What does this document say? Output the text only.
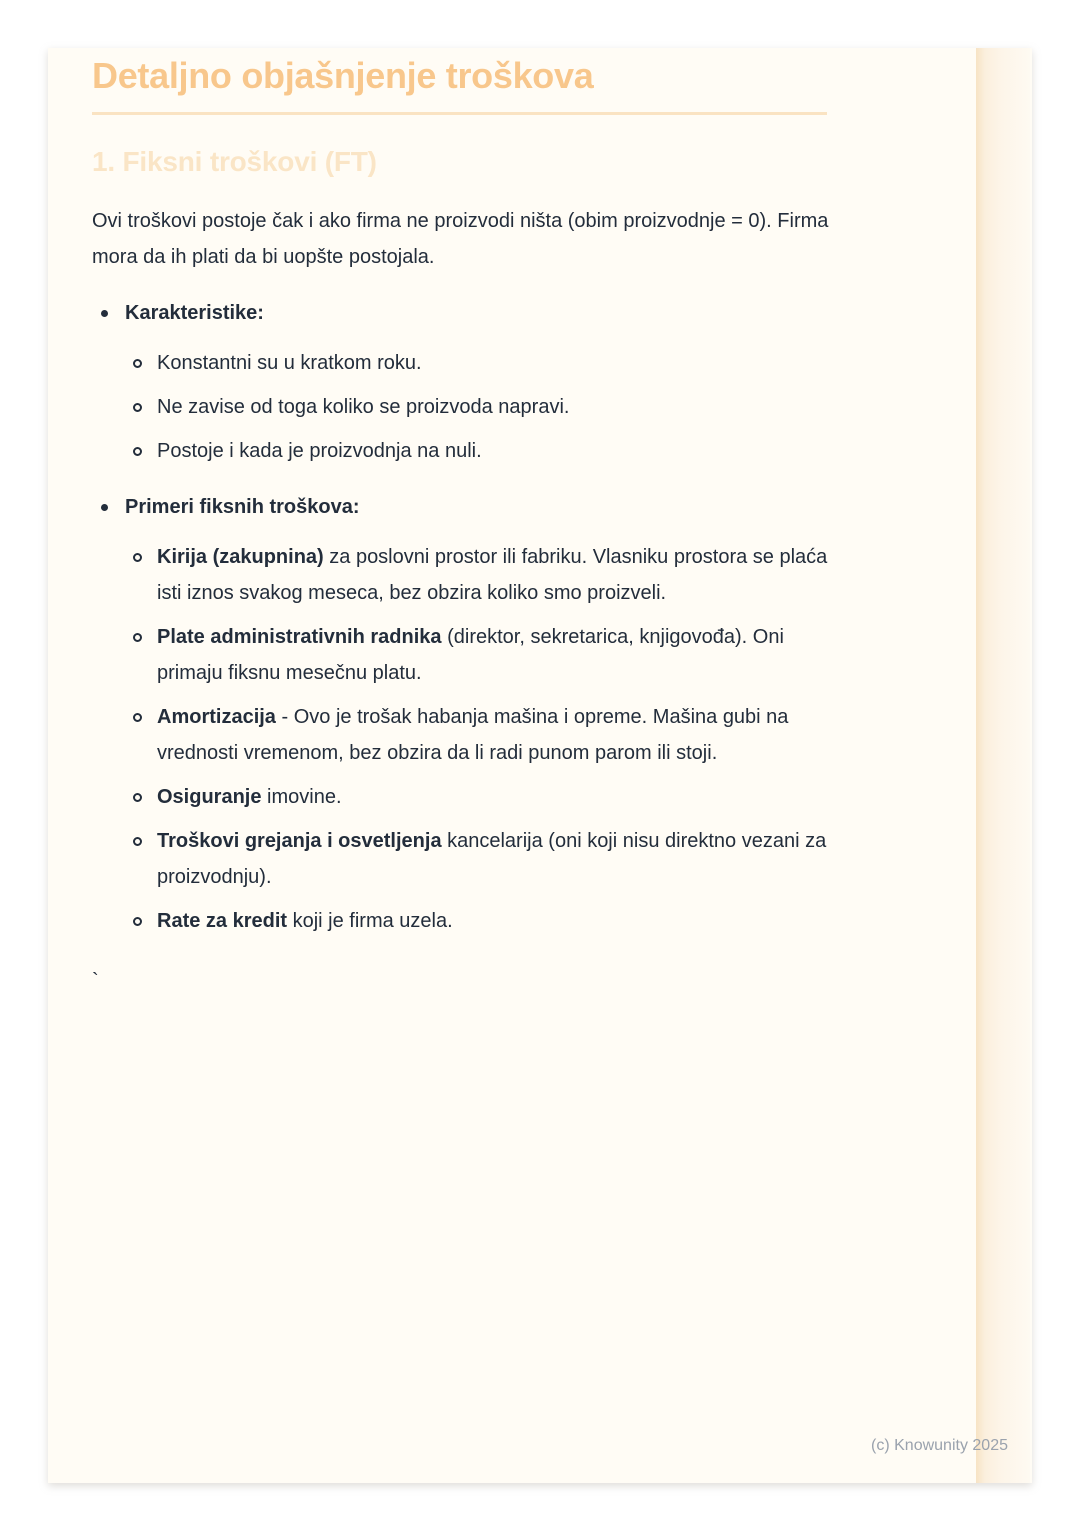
Detaljno objašnjenje troškova
1. Fiksni troškovi (FT)

Ovi troškovi postoje čak i ako firma ne proizvodi ništa (obim proizvodnje = 0). Firma mora da ih plati da bi uopšte postojala.

Karakteristike:
Konstantni su u kratkom roku.
Ne zavise od toga koliko se proizvoda napravi.
Postoje i kada je proizvodnja na nuli.
Primeri fiksnih troškova:
Kirija (zakupnina) za poslovni prostor ili fabriku. Vlasniku prostora se plaća isti iznos svakog meseca, bez obzira koliko smo proizveli.
Plate administrativnih radnika (direktor, sekretarica, knjigovođa). Oni primaju fiksnu mesečnu platu.
Amortizacija - Ovo je trošak habanja mašina i opreme. Mašina gubi na vrednosti vremenom, bez obzira da li radi punom parom ili stoji.
Osiguranje imovine.
Troškovi grejanja i osvetljenja kancelarija (oni koji nisu direktno vezani za proizvodnju).
Rate za kredit koji je firma uzela.

`

(c) Knowunity 2025
